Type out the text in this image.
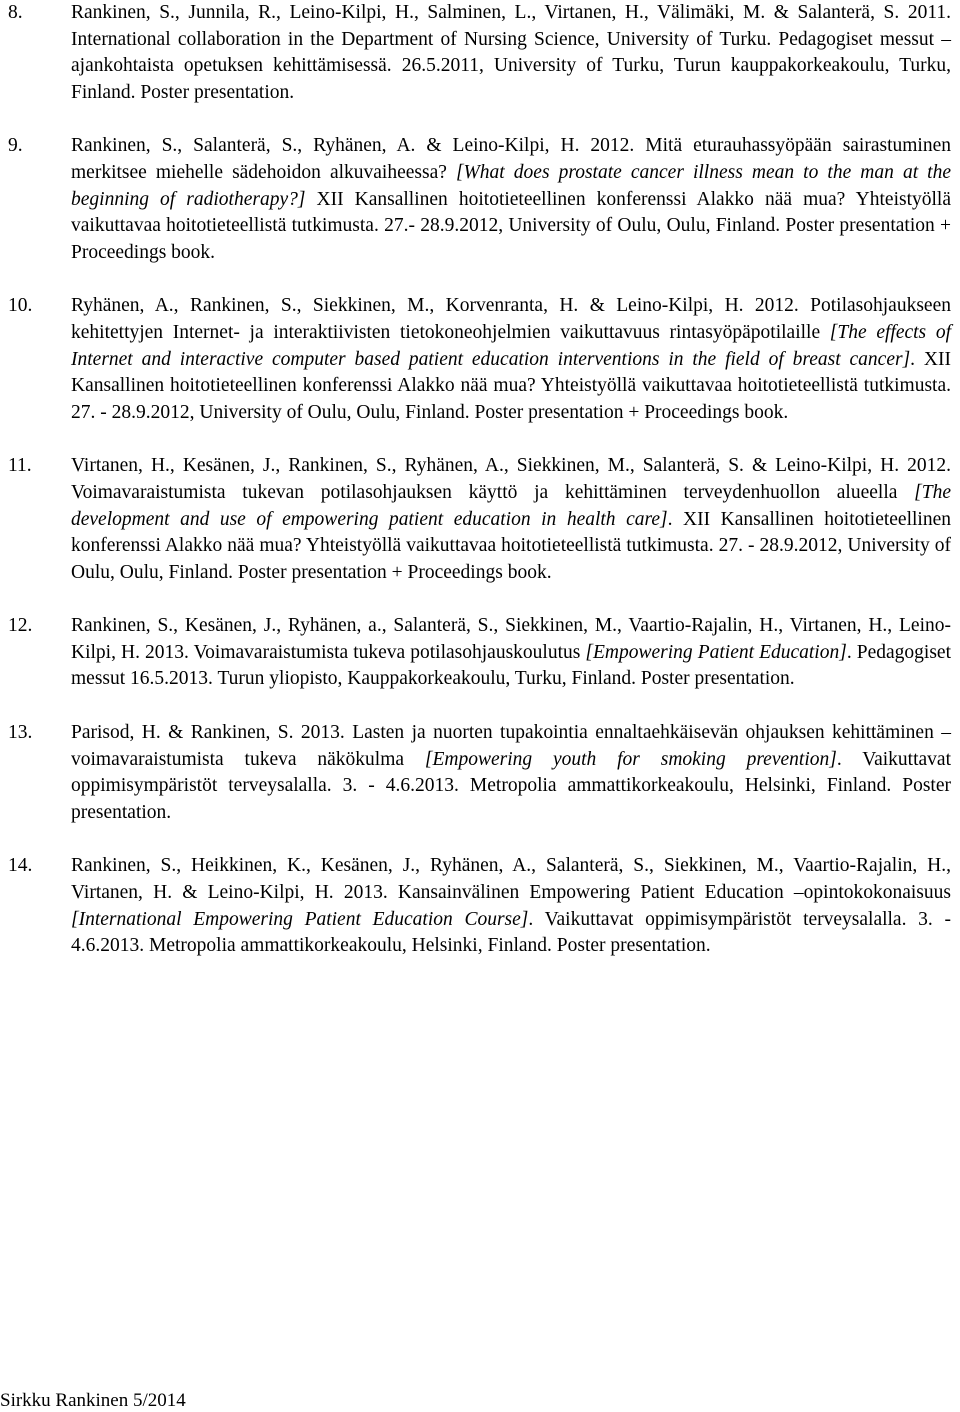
8. Rankinen, S., Junnila, R., Leino-Kilpi, H., Salminen, L., Virtanen, H., Välimäki, M. & Salanterä, S. 2011. International collaboration in the Department of Nursing Science, University of Turku. Pedagogiset messut – ajankohtaista opetuksen kehittämisessä. 26.5.2011, University of Turku, Turun kauppakorkeakoulu, Turku, Finland. Poster presentation.
9. Rankinen, S., Salanterä, S., Ryhänen, A. & Leino-Kilpi, H. 2012. Mitä eturauhassyöpään sairastuminen merkitsee miehelle sädehoidon alkuvaiheessa? [What does prostate cancer illness mean to the man at the beginning of radiotherapy?] XII Kansallinen hoitotieteellinen konferenssi Alakko nää mua? Yhteistyöllä vaikuttavaa hoitotieteellistä tutkimusta. 27.- 28.9.2012, University of Oulu, Oulu, Finland. Poster presentation + Proceedings book.
10. Ryhänen, A., Rankinen, S., Siekkinen, M., Korvenranta, H. & Leino-Kilpi, H. 2012. Potilasohjaukseen kehitettyjen Internet- ja interaktiivisten tietokoneohjelmien vaikuttavuus rintasyöpäpotilaille [The effects of Internet and interactive computer based patient education interventions in the field of breast cancer]. XII Kansallinen hoitotieteellinen konferenssi Alakko nää mua? Yhteistyöllä vaikuttavaa hoitotieteellistä tutkimusta. 27. - 28.9.2012, University of Oulu, Oulu, Finland. Poster presentation + Proceedings book.
11. Virtanen, H., Kesänen, J., Rankinen, S., Ryhänen, A., Siekkinen, M., Salanterä, S. & Leino-Kilpi, H. 2012. Voimavaraistumista tukevan potilasohjauksen käyttö ja kehittäminen terveydenhuollon alueella [The development and use of empowering patient education in health care]. XII Kansallinen hoitotieteellinen konferenssi Alakko nää mua? Yhteistyöllä vaikuttavaa hoitotieteellistä tutkimusta. 27. - 28.9.2012, University of Oulu, Oulu, Finland. Poster presentation + Proceedings book.
12. Rankinen, S., Kesänen, J., Ryhänen, a., Salanterä, S., Siekkinen, M., Vaartio-Rajalin, H., Virtanen, H., Leino-Kilpi, H. 2013. Voimavaraistumista tukeva potilasohjauskoulutus [Empowering Patient Education]. Pedagogiset messut 16.5.2013. Turun yliopisto, Kauppakorkeakoulu, Turku, Finland. Poster presentation.
13. Parisod, H. & Rankinen, S. 2013. Lasten ja nuorten tupakointia ennaltaehkäisevän ohjauksen kehittäminen – voimavaraistumista tukeva näkökulma [Empowering youth for smoking prevention]. Vaikuttavat oppimisympäristöt terveysalalla. 3. - 4.6.2013. Metropolia ammattikorkeakoulu, Helsinki, Finland. Poster presentation.
14. Rankinen, S., Heikkinen, K., Kesänen, J., Ryhänen, A., Salanterä, S., Siekkinen, M., Vaartio-Rajalin, H., Virtanen, H. & Leino-Kilpi, H. 2013. Kansainvälinen Empowering Patient Education –opintokokonaisuus [International Empowering Patient Education Course]. Vaikuttavat oppimisympäristöt terveysalalla. 3. - 4.6.2013. Metropolia ammattikorkeakoulu, Helsinki, Finland. Poster presentation.
Sirkku Rankinen 5/2014
